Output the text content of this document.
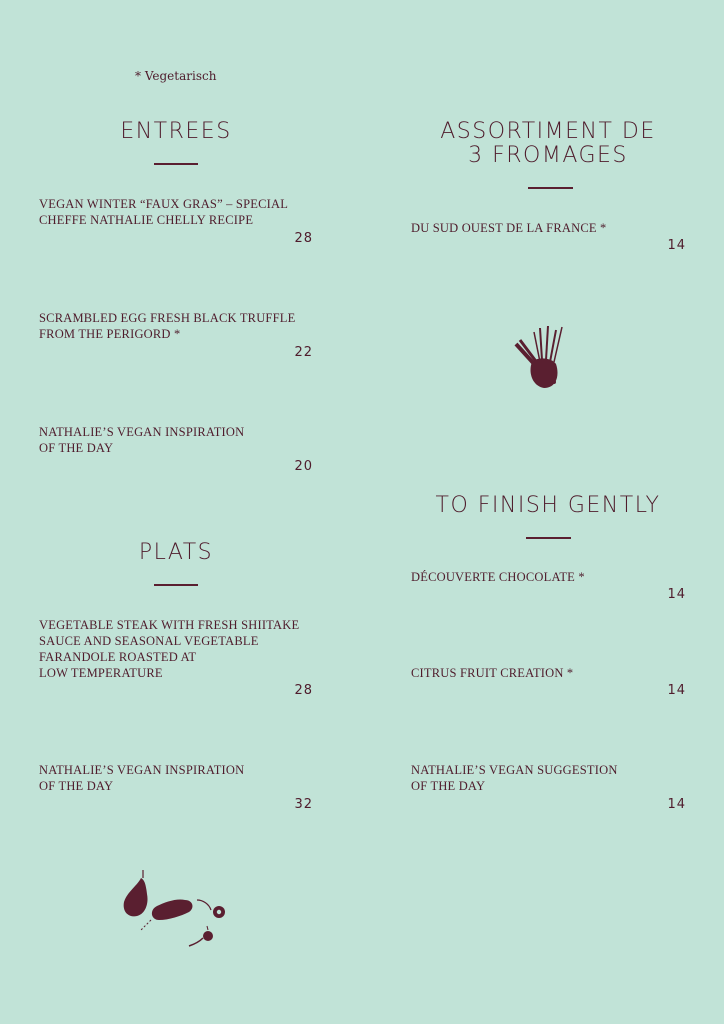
* Vegetarisch
ENTREES
VEGAN WINTER “FAUX GRAS” – SPECIAL
CHEFFE NATHALIE CHELLY RECIPE
28
SCRAMBLED EGG FRESH BLACK TRUFFLE
FROM THE PERIGORD *
22
NATHALIE’S VEGAN INSPIRATION
OF THE DAY
20
PLATS
VEGETABLE STEAK WITH FRESH SHIITAKE
SAUCE AND SEASONAL VEGETABLE
FARANDOLE ROASTED AT
LOW TEMPERATURE
28
NATHALIE’S VEGAN INSPIRATION
OF THE DAY
32
ASSORTIMENT DE
3 FROMAGES
DU SUD OUEST DE LA FRANCE *
14
TO FINISH GENTLY
DÉCOUVERTE CHOCOLATE *
14
CITRUS FRUIT CREATION *
14
NATHALIE’S VEGAN SUGGESTION
OF THE DAY
14
